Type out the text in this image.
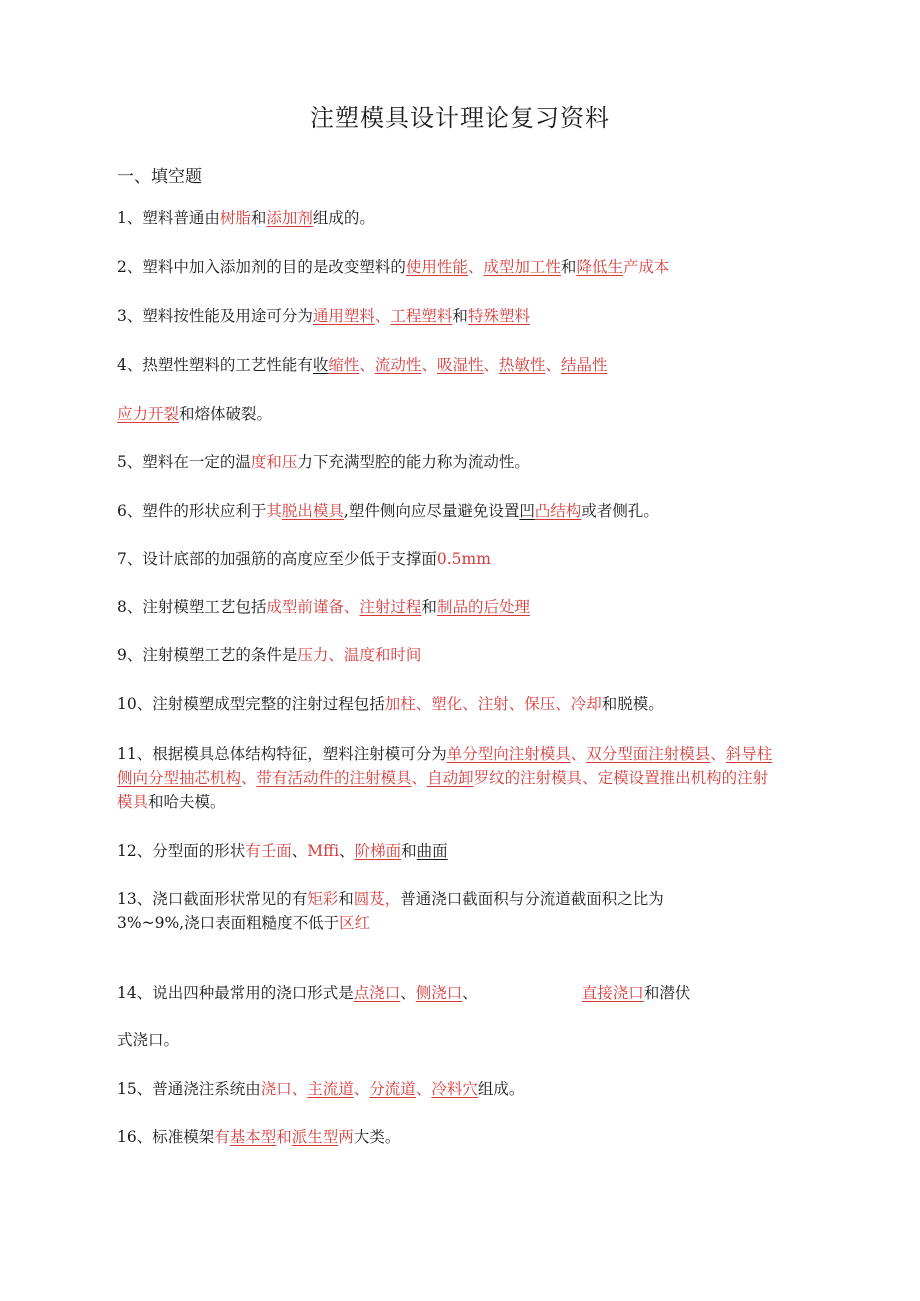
注塑模具设计理论复习资料
一、填空题
1、塑料普通由树脂和添加剂组成的。
2、塑料中加入添加剂的目的是改变塑料的使用性能、成型加工性和降低生产成本
3、塑料按性能及用途可分为通用塑料、工程塑料和特殊塑料
4、热塑性塑料的工艺性能有收缩性、流动性、吸湿性、热敏性、结晶性
应力开裂和熔体破裂。
5、塑料在一定的温度和压力下充满型腔的能力称为流动性。
6、塑件的形状应利于其脱出模具,塑件侧向应尽量避免设置凹凸结构或者侧孔。
7、设计底部的加强筋的高度应至少低于支撑面0.5mm
8、注射模塑工艺包括成型前谨备、注射过程和制品的后处理
9、注射模塑工艺的条件是压力、温度和时间
10、注射模塑成型完整的注射过程包括加柱、塑化、注射、保压、冷却和脱模。
11、根据模具总体结构特征，塑料注射模可分为单分型向注射模具、双分型面注射模县、斜导柱侧向分型抽芯机构、带有活动件的注射模具、自动卸罗纹的注射模具、定模设置推出机构的注射模具和哈夫模。
12、分型面的形状有壬面、Mffi、阶梯面和曲面
13、浇口截面形状常见的有矩彩和圆芨，普通浇口截面积与分流道截面积之比为
3%~9%,浇口表面粗糙度不低于区红
14、说出四种最常用的浇口形式是点浇口、侧浇口、	直接浇口和潜伏
式浇口。
15、普通浇注系统由浇口、主流道、分流道、冷料穴组成。
16、标准模架有基本型和派生型两大类。
